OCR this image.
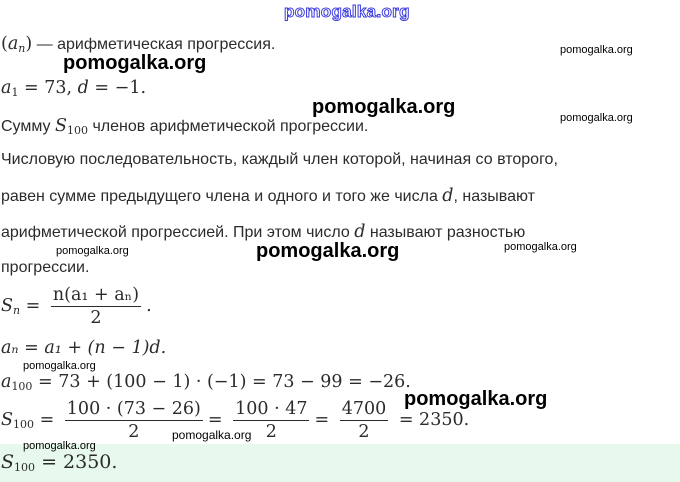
pomogalka.org
$(a_n)$ — арифметическая прогрессия.
$a_1 = 73$, d = −1.
Сумму $S_{100}$ членов арифметической прогрессии.
Числовую последовательность, каждый член которой, начиная со второго,
равен сумме предыдущего члена и одного и того же числа d, называют
арифметической прогрессией. При этом число d называют разностью
прогрессии.
$S_n = \frac{\text{n(a₁ + aₙ)}}{2}$ .
aₙ = a₁ + (n − 1)d.
$a_{100} = 73 + (100 - 1) \cdot (-1) = 73 - 99 = -26$.
$S_{100} = \frac{100 \cdot (73 - 26)}{2} = \frac{100 \cdot 47}{2} = \frac{4700}{2} = 2350$.
$S_{100} = 2350$.
pomogalka.org
pomogalka.org
pomogalka.org	pomogalka.org
pomogalka.org	pomogalka.org	pomogalka.org
pomogalka.org
pomogalka.org
pomogalka.org
pomogalka.org
